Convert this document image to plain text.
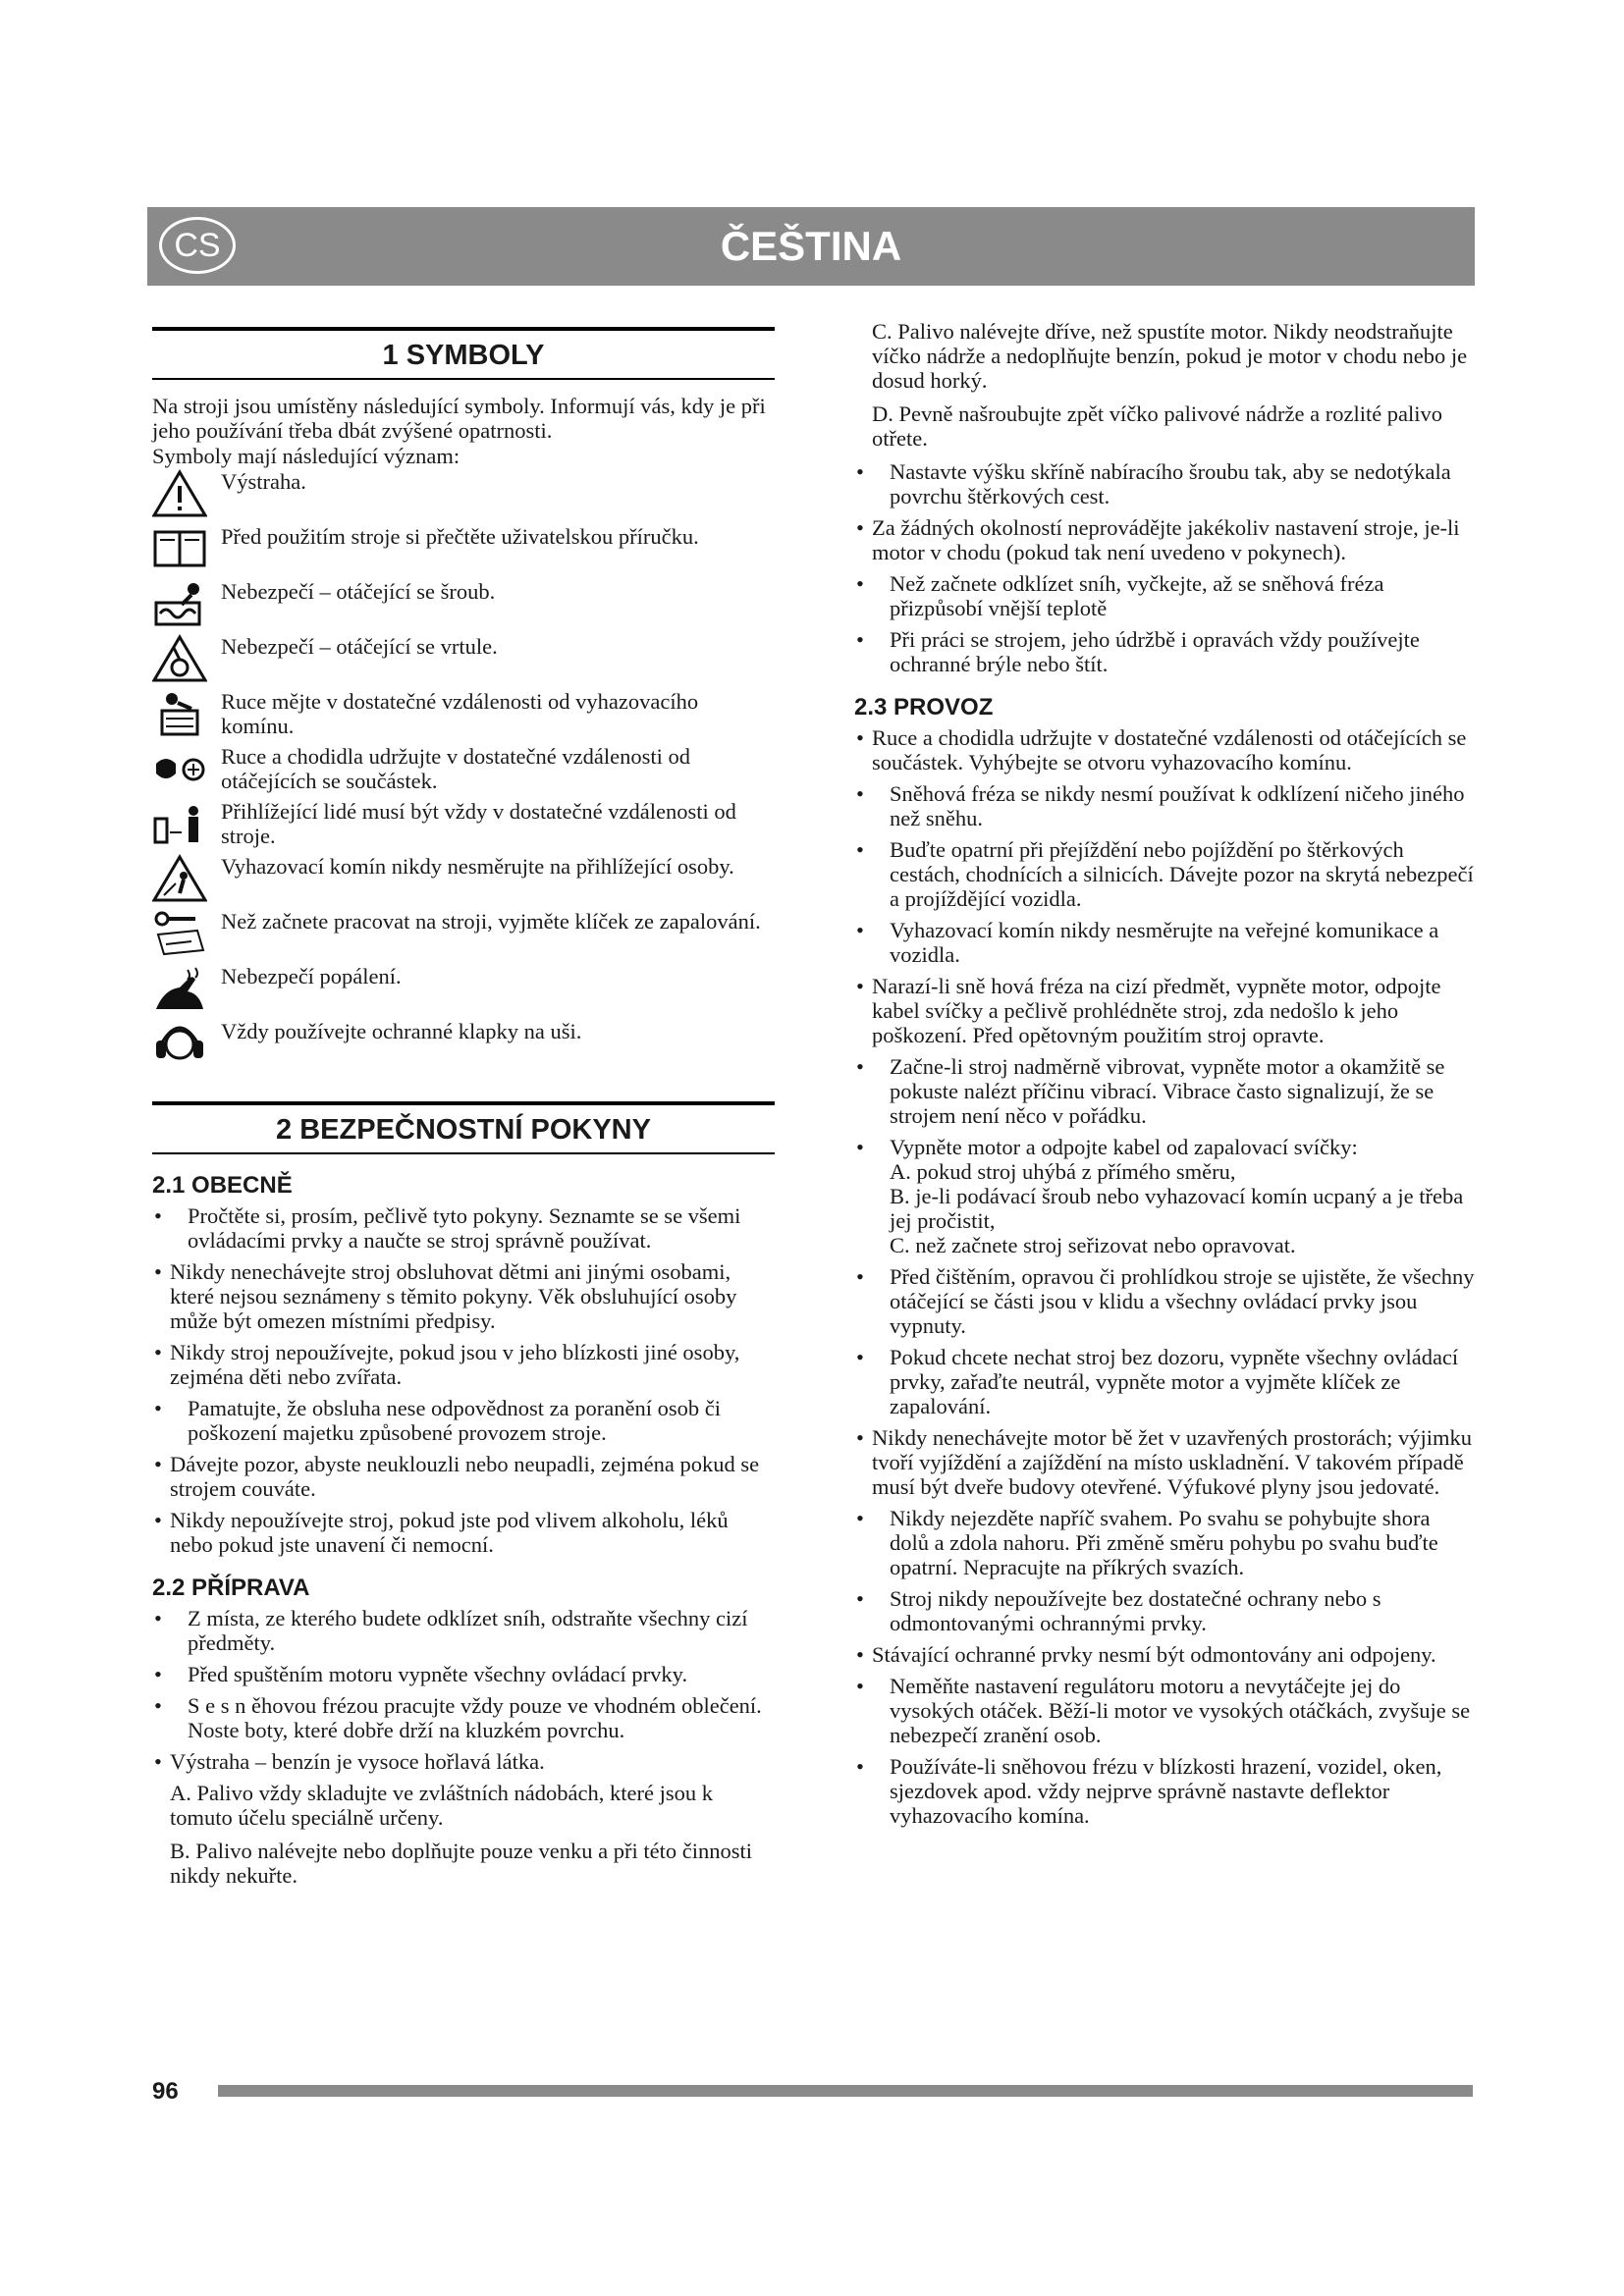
CS	ČEŠTINA
1 SYMBOLY

Na stroji jsou umístěny následující symboly. Informují vás, kdy je při jeho používání třeba dbát zvýšené opatrnosti.

Symboly mají následující význam:

Výstraha.
Před použitím stroje si přečtěte uživatelskou příručku.
Nebezpečí – otáčející se šroub.
Nebezpečí – otáčející se vrtule.
Ruce mějte v dostatečné vzdálenosti od vyhazovacího komínu.
Ruce a chodidla udržujte v dostatečné vzdálenosti od otáčejících se součástek.
Přihlížející lidé musí být vždy v dostatečné vzdálenosti od stroje.
Vyhazovací komín nikdy nesměrujte na přihlížející osoby.
Než začnete pracovat na stroji, vyjměte klíček ze zapalování.
Nebezpečí popálení.
Vždy používejte ochranné klapky na uši.
2 BEZPEČNOSTNÍ POKYNY
2.1 OBECNĚ
• Pročtěte si, prosím, pečlivě tyto pokyny. Seznamte se se všemi ovládacími prvky a naučte se stroj správně používat.
• Nikdy nenechávejte stroj obsluhovat dětmi ani jinými osobami, které nejsou seznámeny s těmito pokyny. Věk obsluhující osoby může být omezen místními předpisy.
• Nikdy stroj nepoužívejte, pokud jsou v jeho blízkosti jiné osoby, zejména děti nebo zvířata.
• Pamatujte, že obsluha nese odpovědnost za poranění osob či poškození majetku způsobené provozem stroje.
• Dávejte pozor, abyste neuklouzli nebo neupadli, zejména pokud se strojem couváte.
• Nikdy nepoužívejte stroj, pokud jste pod vlivem alkoholu, léků nebo pokud jste unavení či nemocní.
2.2 PŘÍPRAVA
• Z místa, ze kterého budete odklízet sníh, odstraňte všechny cizí předměty.
• Před spuštěním motoru vypněte všechny ovládací prvky.
• S e s n ěhovou frézou pracujte vždy pouze ve vhodném oblečení. Noste boty, které dobře drží na kluzkém povrchu.
• Výstraha – benzín je vysoce hořlavá látka.

A. Palivo vždy skladujte ve zvláštních nádobách, které jsou k tomuto účelu speciálně určeny.

B. Palivo nalévejte nebo doplňujte pouze venku a při této činnosti nikdy nekuřte.

C. Palivo nalévejte dříve, než spustíte motor. Nikdy neodstraňujte víčko nádrže a nedoplňujte benzín, pokud je motor v chodu nebo je dosud horký.

D. Pevně našroubujte zpět víčko palivové nádrže a rozlité palivo otřete.

• Nastavte výšku skříně nabíracího šroubu tak, aby se nedotýkala povrchu štěrkových cest.
• Za žádných okolností neprovádějte jakékoliv nastavení stroje, je-li motor v chodu (pokud tak není uvedeno v pokynech).
• Než začnete odklízet sníh, vyčkejte, až se sněhová fréza přizpůsobí vnější teplotě
• Při práci se strojem, jeho údržbě i opravách vždy používejte ochranné brýle nebo štít.
2.3 PROVOZ
• Ruce a chodidla udržujte v dostatečné vzdálenosti od otáčejících se součástek. Vyhýbejte se otvoru vyhazovacího komínu.
• Sněhová fréza se nikdy nesmí používat k odklízení ničeho jiného než sněhu.
• Buďte opatrní při přejíždění nebo pojíždění po štěrkových cestách, chodnících a silnicích. Dávejte pozor na skrytá nebezpečí a projíždějící vozidla.
• Vyhazovací komín nikdy nesměrujte na veřejné komunikace a vozidla.
• Narazí-li sně hová fréza na cizí předmět, vypněte motor, odpojte kabel svíčky a pečlivě prohlédněte stroj, zda nedošlo k jeho poškození. Před opětovným použitím stroj opravte.
• Začne-li stroj nadměrně vibrovat, vypněte motor a okamžitě se pokuste nalézt příčinu vibrací. Vibrace často signalizují, že se strojem není něco v pořádku.
• Vypněte motor a odpojte kabel od zapalovací svíčky:
A. pokud stroj uhýbá z přímého směru,
B. je-li podávací šroub nebo vyhazovací komín ucpaný a je třeba jej pročistit,
C. než začnete stroj seřizovat nebo opravovat.
• Před čištěním, opravou či prohlídkou stroje se ujistěte, že všechny otáčející se části jsou v klidu a všechny ovládací prvky jsou vypnuty.
• Pokud chcete nechat stroj bez dozoru, vypněte všechny ovládací prvky, zařaďte neutrál, vypněte motor a vyjměte klíček ze zapalování.
• Nikdy nenechávejte motor bě žet v uzavřených prostorách; výjimku tvoří vyjíždění a zajíždění na místo uskladnění. V takovém případě musí být dveře budovy otevřené. Výfukové plyny jsou jedovaté.
• Nikdy nejezděte napříč svahem. Po svahu se pohybujte shora dolů a zdola nahoru. Při změně směru pohybu po svahu buďte opatrní. Nepracujte na příkrých svazích.
• Stroj nikdy nepoužívejte bez dostatečné ochrany nebo s odmontovanými ochrannými prvky.
• Stávající ochranné prvky nesmí být odmontovány ani odpojeny.
• Neměňte nastavení regulátoru motoru a nevytáčejte jej do vysokých otáček. Běží-li motor ve vysokých otáčkách, zvyšuje se nebezpečí zranění osob.
• Používáte-li sněhovou frézu v blízkosti hrazení, vozidel, oken, sjezdovek apod. vždy nejprve správně nastavte deflektor vyhazovacího komína.
96
